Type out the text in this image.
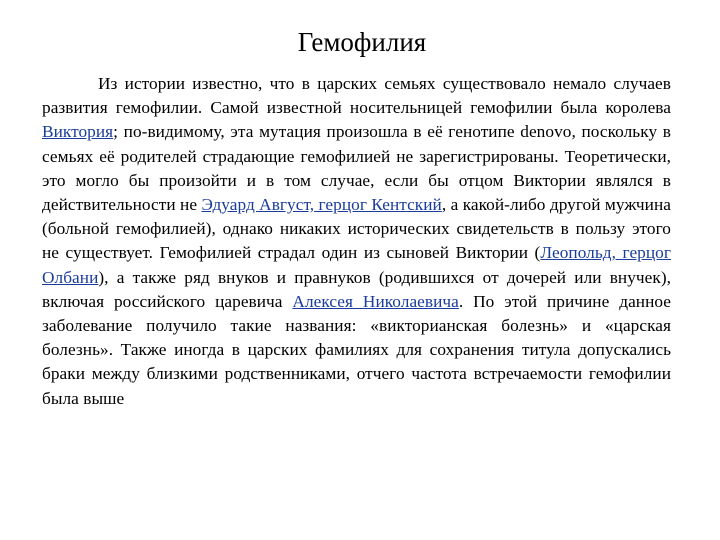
Гемофилия
Из истории известно, что в царских семьях существовало немало случаев развития гемофилии. Самой известной носительницей гемофилии была королева Виктория; по-видимому, эта мутация произошла в её генотипе denovo, поскольку в семьях её родителей страдающие гемофилией не зарегистрированы. Теоретически, это могло бы произойти и в том случае, если бы отцом Виктории являлся в действительности не Эдуард Август, герцог Кентский, а какой-либо другой мужчина (больной гемофилией), однако никаких исторических свидетельств в пользу этого не существует. Гемофилией страдал один из сыновей Виктории (Леопольд, герцог Олбани), а также ряд внуков и правнуков (родившихся от дочерей или внучек), включая российского царевича Алексея Николаевича. По этой причине данное заболевание получило такие названия: «викторианская болезнь» и «царская болезнь». Также иногда в царских фамилиях для сохранения титула допускались браки между близкими родственниками, отчего частота встречаемости гемофилии была выше
